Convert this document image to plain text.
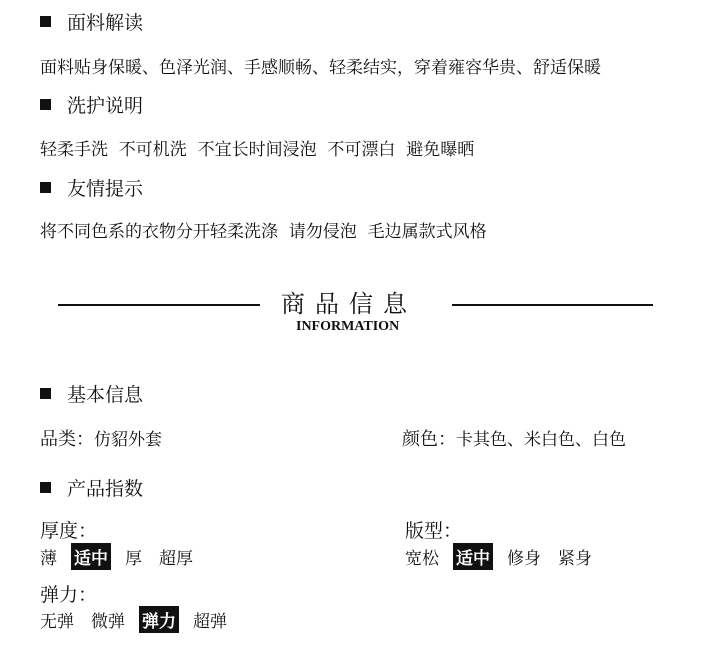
面料解读
面料贴身保暖、色泽光润、手感顺畅、轻柔结实，穿着雍容华贵、舒适保暖
洗护说明
轻柔手洗  不可机洗  不宜长时间浸泡  不可漂白  避免曝晒
友情提示
将不同色系的衣物分开轻柔洗涤  请勿侵泡  毛边属款式风格
商品信息
INFORMATION
基本信息
品类：仿貂外套	颜色：卡其色、米白色、白色
产品指数
厚度：
薄 适中 厚 超厚
版型：
宽松 适中 修身 紧身
弹力：
无弹 微弹 弹力 超弹
